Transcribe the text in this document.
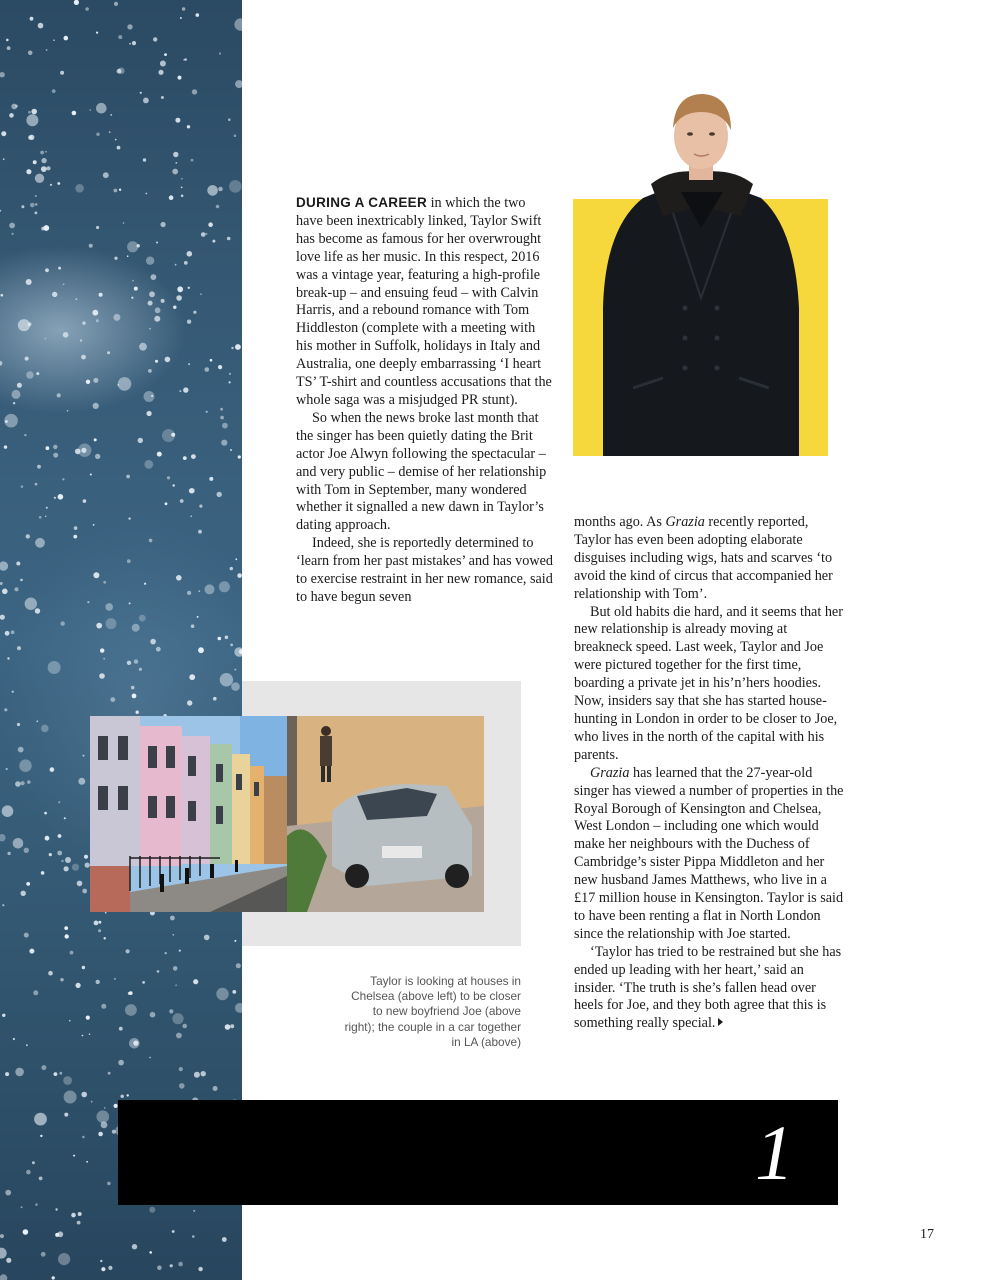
DURING A CAREER in which the two have been inextricably linked, Taylor Swift has become as famous for her overwrought love life as her music. In this respect, 2016 was a vintage year, featuring a high-profile break-up – and ensuing feud – with Calvin Harris, and a rebound romance with Tom Hiddleston (complete with a meeting with his mother in Suffolk, holidays in Italy and Australia, one deeply embarrassing ‘I heart TS’ T-shirt and countless accusations that the whole saga was a misjudged PR stunt).

So when the news broke last month that the singer has been quietly dating the Brit actor Joe Alwyn following the spectacular – and very public – demise of her relationship with Tom in September, many wondered whether it signalled a new dawn in Taylor’s dating approach.

Indeed, she is reportedly determined to ‘learn from her past mistakes’ and has vowed to exercise restraint in her new romance, said to have begun seven

months ago. As Grazia recently reported, Taylor has even been adopting elaborate disguises including wigs, hats and scarves ‘to avoid the kind of circus that accompanied her relationship with Tom’.

But old habits die hard, and it seems that her new relationship is already moving at breakneck speed. Last week, Taylor and Joe were pictured together for the first time, boarding a private jet in his’n’hers hoodies. Now, insiders say that she has started house-hunting in London in order to be closer to Joe, who lives in the north of the capital with his parents.

Grazia has learned that the 27-year-old singer has viewed a number of properties in the Royal Borough of Kensington and Chelsea, West London – including one which would make her neighbours with the Duchess of Cambridge’s sister Pippa Middleton and her new husband James Matthews, who live in a £17 million house in Kensington. Taylor is said to have been renting a flat in North London since the relationship with Joe started.

‘Taylor has tried to be restrained but she has ended up leading with her heart,’ said an insider. ‘The truth is she’s fallen head over heels for Joe, and they both agree that this is something really special.

Taylor is looking at houses in Chelsea (above left) to be closer to new boyfriend Joe (above right); the couple in a car together in LA (above)
1
17
